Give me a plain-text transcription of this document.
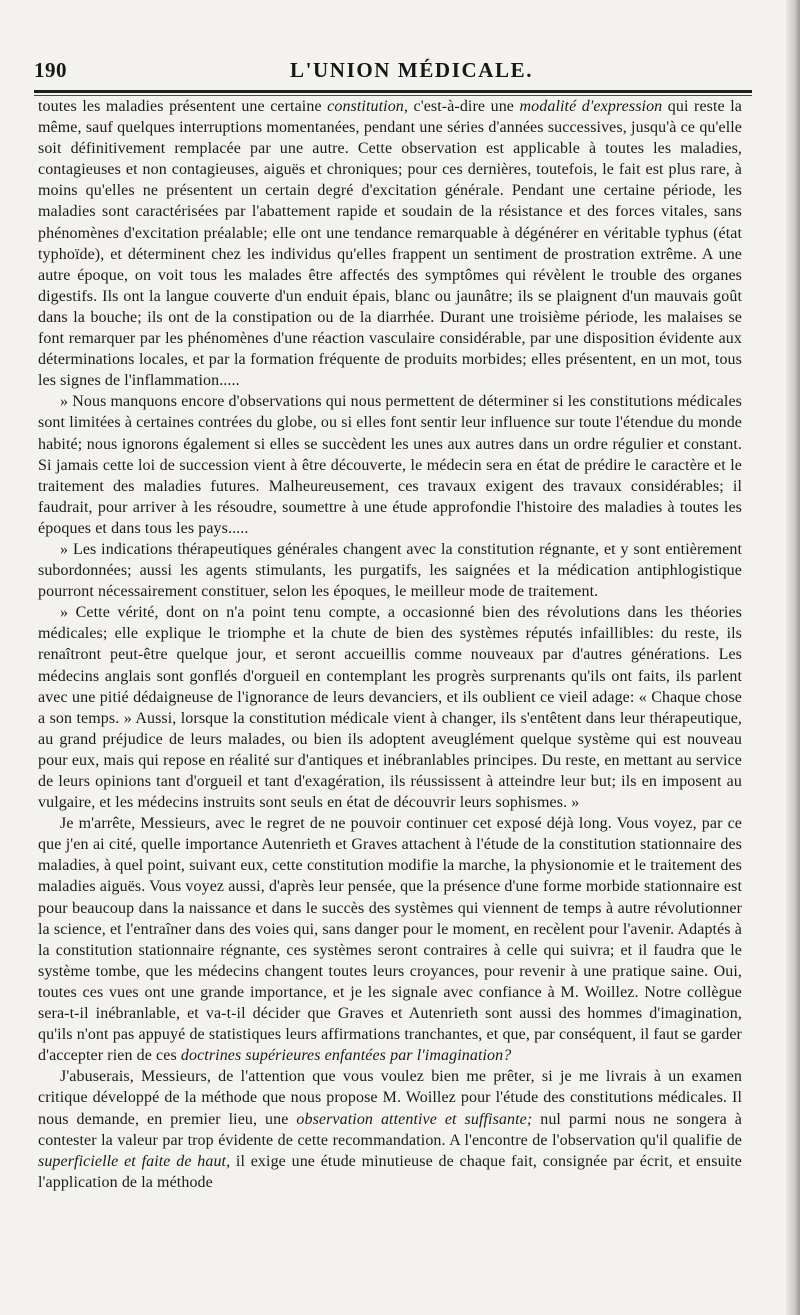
190	L'UNION MÉDICALE.

toutes les maladies présentent une certaine constitution, c'est-à-dire une modalité d'expression qui reste la même, sauf quelques interruptions momentanées, pendant une séries d'années successives, jusqu'à ce qu'elle soit définitivement remplacée par une autre. Cette observation est applicable à toutes les maladies, contagieuses et non contagieuses, aiguës et chroniques; pour ces dernières, toutefois, le fait est plus rare, à moins qu'elles ne présentent un certain degré d'excitation générale. Pendant une certaine période, les maladies sont caractérisées par l'abattement rapide et soudain de la résistance et des forces vitales, sans phénomènes d'excitation préalable; elle ont une tendance remarquable à dégénérer en véritable typhus (état typhoïde), et déterminent chez les individus qu'elles frappent un sentiment de prostration extrême. A une autre époque, on voit tous les malades être affectés des symptômes qui révèlent le trouble des organes digestifs. Ils ont la langue couverte d'un enduit épais, blanc ou jaunâtre; ils se plaignent d'un mauvais goût dans la bouche; ils ont de la constipation ou de la diarrhée. Durant une troisième période, les malaises se font remarquer par les phénomènes d'une réaction vasculaire considérable, par une disposition évidente aux déterminations locales, et par la formation fréquente de produits morbides; elles présentent, en un mot, tous les signes de l'inflammation.....

» Nous manquons encore d'observations qui nous permettent de déterminer si les constitutions médicales sont limitées à certaines contrées du globe, ou si elles font sentir leur influence sur toute l'étendue du monde habité; nous ignorons également si elles se succèdent les unes aux autres dans un ordre régulier et constant. Si jamais cette loi de succession vient à être découverte, le médecin sera en état de prédire le caractère et le traitement des maladies futures. Malheureusement, ces travaux exigent des travaux considérables; il faudrait, pour arriver à les résoudre, soumettre à une étude approfondie l'histoire des maladies à toutes les époques et dans tous les pays.....

» Les indications thérapeutiques générales changent avec la constitution régnante, et y sont entièrement subordonnées; aussi les agents stimulants, les purgatifs, les saignées et la médication antiphlogistique pourront nécessairement constituer, selon les époques, le meilleur mode de traitement.

» Cette vérité, dont on n'a point tenu compte, a occasionné bien des révolutions dans les théories médicales; elle explique le triomphe et la chute de bien des systèmes réputés infaillibles: du reste, ils renaîtront peut-être quelque jour, et seront accueillis comme nouveaux par d'autres générations. Les médecins anglais sont gonflés d'orgueil en contemplant les progrès surprenants qu'ils ont faits, ils parlent avec une pitié dédaigneuse de l'ignorance de leurs devanciers, et ils oublient ce vieil adage: « Chaque chose a son temps. » Aussi, lorsque la constitution médicale vient à changer, ils s'entêtent dans leur thérapeutique, au grand préjudice de leurs malades, ou bien ils adoptent aveuglément quelque système qui est nouveau pour eux, mais qui repose en réalité sur d'antiques et inébranlables principes. Du reste, en mettant au service de leurs opinions tant d'orgueil et tant d'exagération, ils réussissent à atteindre leur but; ils en imposent au vulgaire, et les médecins instruits sont seuls en état de découvrir leurs sophismes. »

Je m'arrête, Messieurs, avec le regret de ne pouvoir continuer cet exposé déjà long. Vous voyez, par ce que j'en ai cité, quelle importance Autenrieth et Graves attachent à l'étude de la constitution stationnaire des maladies, à quel point, suivant eux, cette constitution modifie la marche, la physionomie et le traitement des maladies aiguës. Vous voyez aussi, d'après leur pensée, que la présence d'une forme morbide stationnaire est pour beaucoup dans la naissance et dans le succès des systèmes qui viennent de temps à autre révolutionner la science, et l'entraîner dans des voies qui, sans danger pour le moment, en recèlent pour l'avenir. Adaptés à la constitution stationnaire régnante, ces systèmes seront contraires à celle qui suivra; et il faudra que le système tombe, que les médecins changent toutes leurs croyances, pour revenir à une pratique saine. Oui, toutes ces vues ont une grande importance, et je les signale avec confiance à M. Woillez. Notre collègue sera-t-il inébranlable, et va-t-il décider que Graves et Autenrieth sont aussi des hommes d'imagination, qu'ils n'ont pas appuyé de statistiques leurs affirmations tranchantes, et que, par conséquent, il faut se garder d'accepter rien de ces doctrines supérieures enfantées par l'imagination?

J'abuserais, Messieurs, de l'attention que vous voulez bien me prêter, si je me livrais à un examen critique développé de la méthode que nous propose M. Woillez pour l'étude des constitutions médicales. Il nous demande, en premier lieu, une observation attentive et suffisante; nul parmi nous ne songera à contester la valeur par trop évidente de cette recommandation. A l'encontre de l'observation qu'il qualifie de superficielle et faite de haut, il exige une étude minutieuse de chaque fait, consignée par écrit, et ensuite l'application de la méthode
